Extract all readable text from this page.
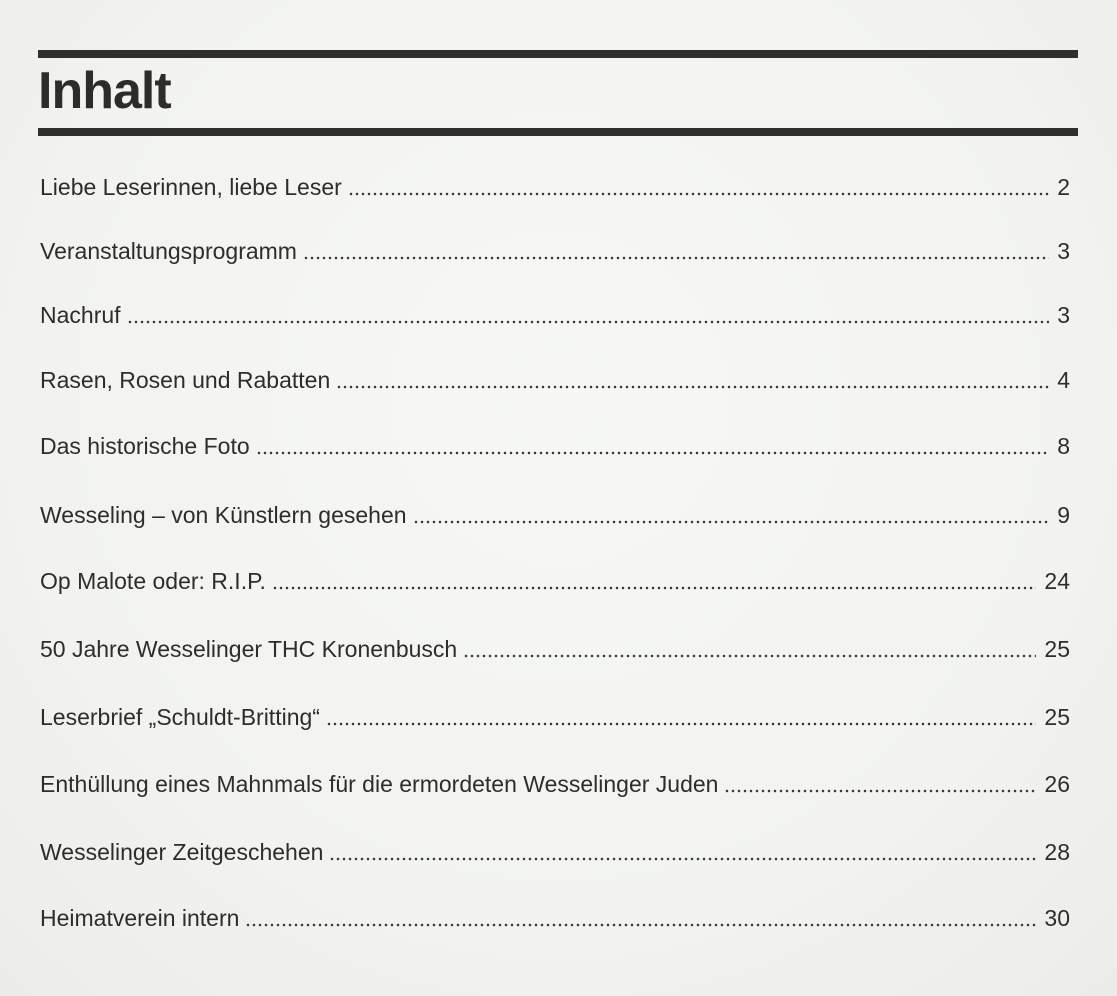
Inhalt
Liebe Leserinnen, liebe Leser	2
Veranstaltungsprogramm	3
Nachruf	3
Rasen, Rosen und Rabatten	4
Das historische Foto	8
Wesseling – von Künstlern gesehen	9
Op Malote oder: R.I.P.	24
50 Jahre Wesselinger THC Kronenbusch	25
Leserbrief „Schuldt-Britting“	25
Enthüllung eines Mahnmals für die ermordeten Wesselinger Juden	26
Wesselinger Zeitgeschehen	28
Heimatverein intern	30
